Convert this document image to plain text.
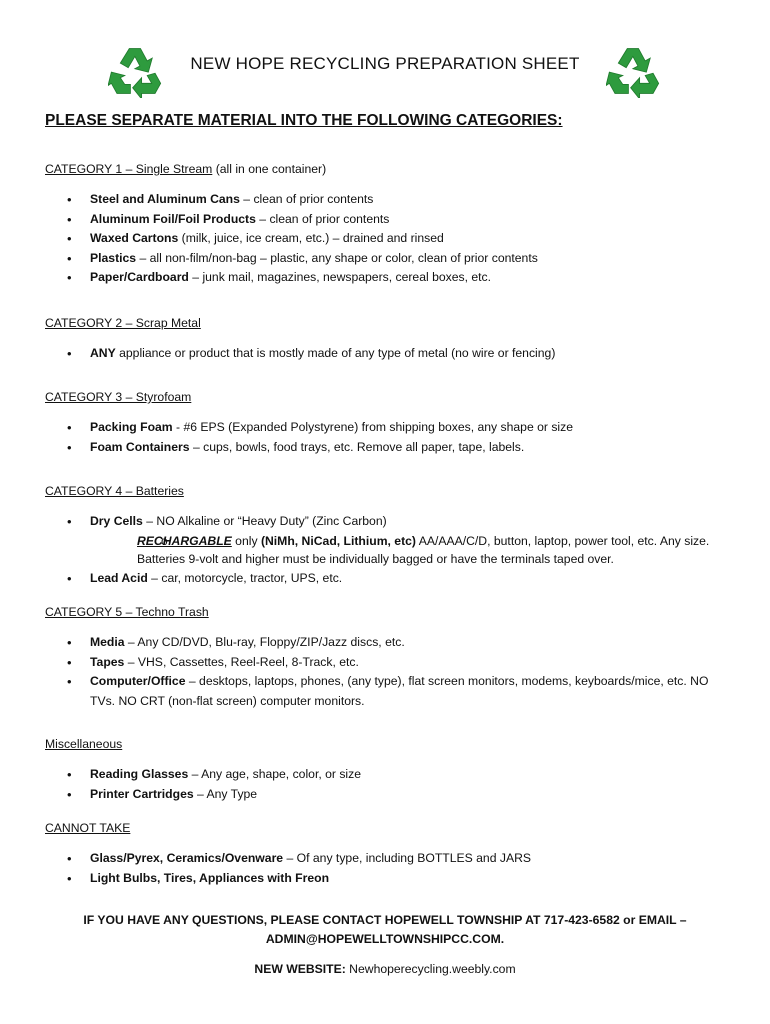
NEW HOPE RECYCLING PREPARATION SHEET
PLEASE SEPARATE MATERIAL INTO THE FOLLOWING CATEGORIES:

CATEGORY 1 – Single Stream (all in one container)

• Steel and Aluminum Cans – clean of prior contents
• Aluminum Foil/Foil Products – clean of prior contents
• Waxed Cartons (milk, juice, ice cream, etc.) – drained and rinsed
• Plastics – all non-film/non-bag – plastic, any shape or color, clean of prior contents
• Paper/Cardboard – junk mail, magazines, newspapers, cereal boxes, etc.

CATEGORY 2 – Scrap Metal

• ANY appliance or product that is mostly made of any type of metal (no wire or fencing)

CATEGORY 3 – Styrofoam

• Packing Foam - #6 EPS (Expanded Polystyrene) from shipping boxes, any shape or size
• Foam Containers – cups, bowls, food trays, etc. Remove all paper, tape, labels.

CATEGORY 4 – Batteries

• Dry Cells – NO Alkaline or “Heavy Duty” (Zinc Carbon)
o RECHARGABLE only (NiMh, NiCad, Lithium, etc) AA/AAA/C/D, button, laptop, power tool, etc. Any size. Batteries 9-volt and higher must be individually bagged or have the terminals taped over.
• Lead Acid – car, motorcycle, tractor, UPS, etc.

CATEGORY 5 – Techno Trash

• Media – Any CD/DVD, Blu-ray, Floppy/ZIP/Jazz discs, etc.
• Tapes – VHS, Cassettes, Reel-Reel, 8-Track, etc.
• Computer/Office – desktops, laptops, phones, (any type), flat screen monitors, modems, keyboards/mice, etc. NO TVs. NO CRT (non-flat screen) computer monitors.

Miscellaneous

• Reading Glasses – Any age, shape, color, or size
• Printer Cartridges – Any Type

CANNOT TAKE

• Glass/Pyrex, Ceramics/Ovenware – Of any type, including BOTTLES and JARS
• Light Bulbs, Tires, Appliances with Freon
IF YOU HAVE ANY QUESTIONS, PLEASE CONTACT HOPEWELL TOWNSHIP AT 717-423-6582 or EMAIL –
ADMIN@HOPEWELLTOWNSHIPCC.COM.
NEW WEBSITE: Newhoperecycling.weebly.com
